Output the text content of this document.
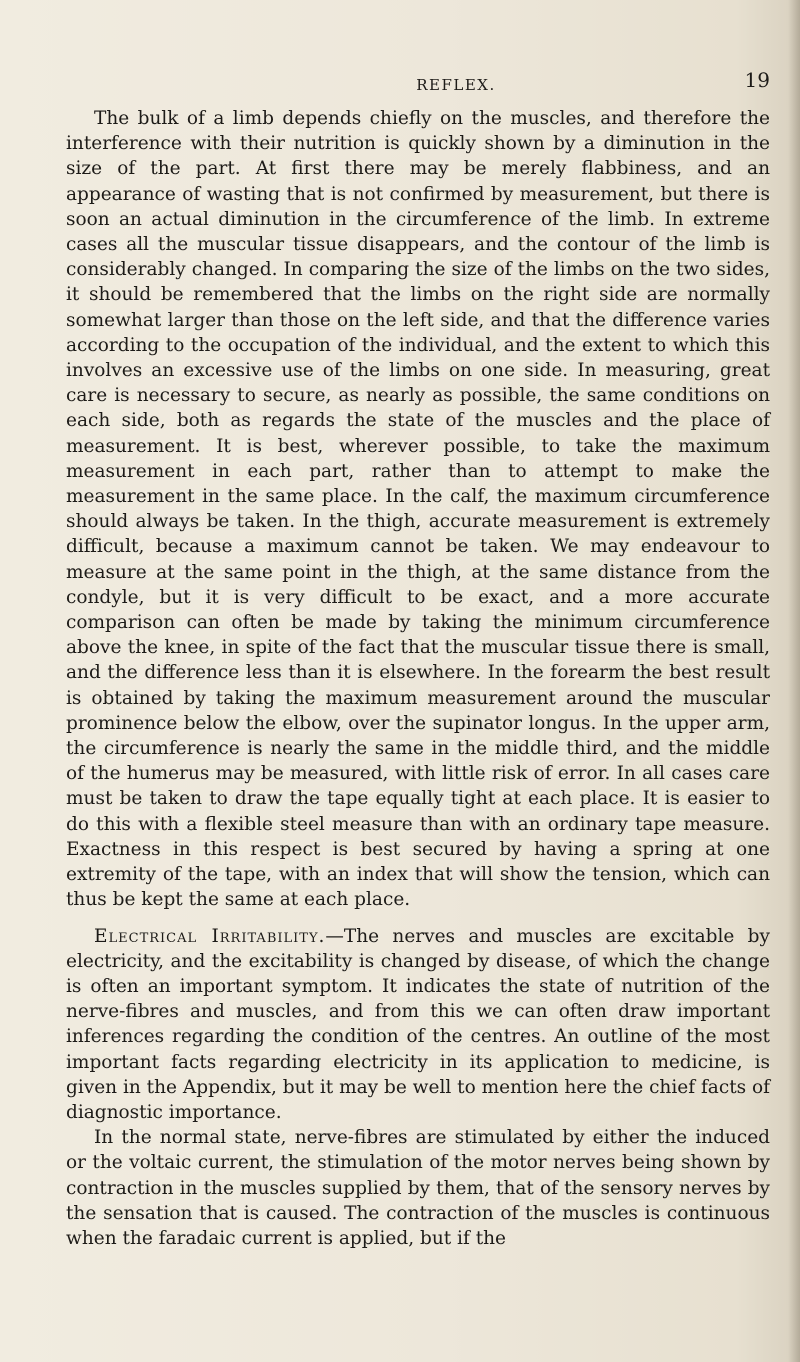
REFLEX.	19

The bulk of a limb depends chiefly on the muscles, and therefore the interference with their nutrition is quickly shown by a diminution in the size of the part. At first there may be merely flabbiness, and an appearance of wasting that is not confirmed by measurement, but there is soon an actual diminution in the circumference of the limb. In extreme cases all the muscular tissue disappears, and the contour of the limb is considerably changed. In comparing the size of the limbs on the two sides, it should be remembered that the limbs on the right side are normally somewhat larger than those on the left side, and that the difference varies according to the occupation of the individual, and the extent to which this involves an excessive use of the limbs on one side. In measuring, great care is necessary to secure, as nearly as possible, the same conditions on each side, both as regards the state of the muscles and the place of measurement. It is best, wherever possible, to take the maximum measurement in each part, rather than to attempt to make the measurement in the same place. In the calf, the maximum circumference should always be taken. In the thigh, accurate measurement is extremely difficult, because a maximum cannot be taken. We may endeavour to measure at the same point in the thigh, at the same distance from the condyle, but it is very difficult to be exact, and a more accurate comparison can often be made by taking the minimum circumference above the knee, in spite of the fact that the muscular tissue there is small, and the difference less than it is elsewhere. In the forearm the best result is obtained by taking the maximum measurement around the muscular prominence below the elbow, over the supinator longus. In the upper arm, the circumference is nearly the same in the middle third, and the middle of the humerus may be measured, with little risk of error. In all cases care must be taken to draw the tape equally tight at each place. It is easier to do this with a flexible steel measure than with an ordinary tape measure. Exactness in this respect is best secured by having a spring at one extremity of the tape, with an index that will show the tension, which can thus be kept the same at each place.

Electrical Irritability.—The nerves and muscles are excitable by electricity, and the excitability is changed by disease, of which the change is often an important symptom. It indicates the state of nutrition of the nerve-fibres and muscles, and from this we can often draw important inferences regarding the condition of the centres. An outline of the most important facts regarding electricity in its application to medicine, is given in the Appendix, but it may be well to mention here the chief facts of diagnostic importance.

In the normal state, nerve-fibres are stimulated by either the induced or the voltaic current, the stimulation of the motor nerves being shown by contraction in the muscles supplied by them, that of the sensory nerves by the sensation that is caused. The contraction of the muscles is continuous when the faradaic current is applied, but if the
